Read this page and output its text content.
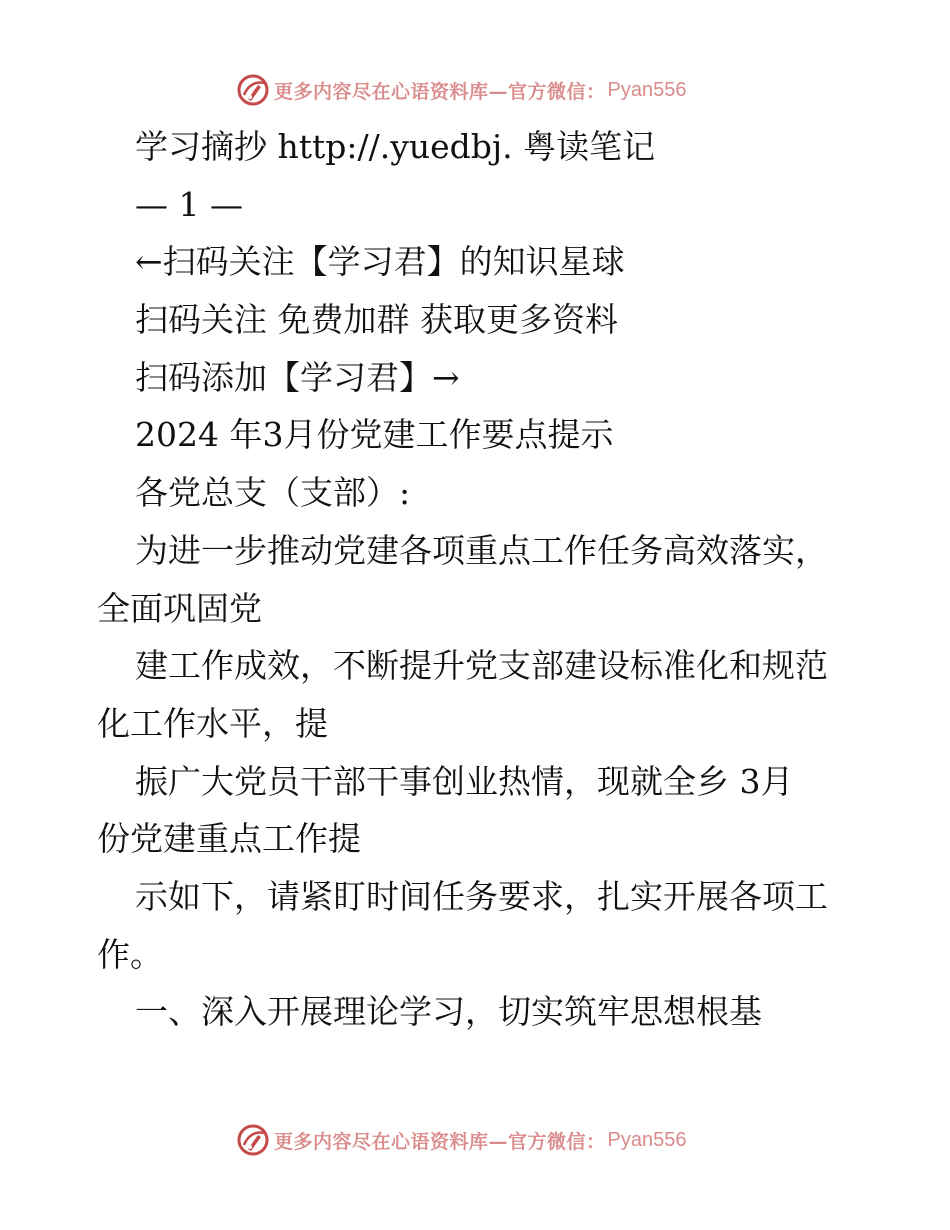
更多内容尽在心语资料库—官方微信： Pyan556
学习摘抄 http://.yuedbj. 粤读笔记
— 1 —
←扫码关注【学习君】的知识星球
扫码关注 免费加群 获取更多资料
扫码添加【学习君】→
2024 年3月份党建工作要点提示
各党总支（支部）:
为进一步推动党建各项重点工作任务高效落实，
全面巩固党
建工作成效，不断提升党支部建设标准化和规范
化工作水平，提
振广大党员干部干事创业热情，现就全乡 3月
份党建重点工作提
示如下，请紧盯时间任务要求，扎实开展各项工
作。
一、深入开展理论学习，切实筑牢思想根基
更多内容尽在心语资料库—官方微信： Pyan556
